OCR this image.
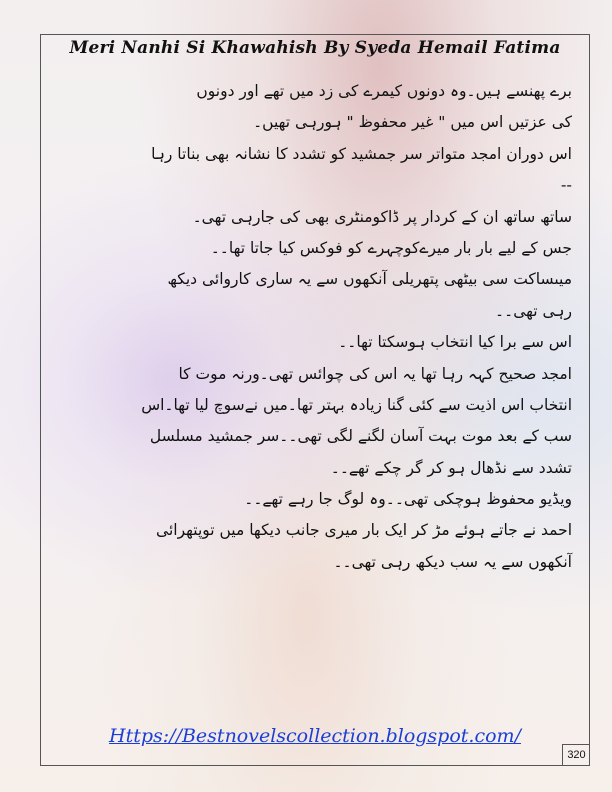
Meri Nanhi Si Khawahish By Syeda Hemail Fatima
برے پھنسے ہیں۔وہ دونوں کیمرے کی زد میں تھے اور دونوں
کی عزتیں اس میں " غیر محفوظ " ہورہی تھیں۔
اس دوران امجد متواتر سر جمشید کو تشدد کا نشانہ بھی بناتا رہا
--
ساتھ ساتھ ان کے کردار پر ڈاکومنٹری بھی کی جارہی تھی۔
جس کے لیے بار بار میرےکوچہرے کو فوکس کیا جاتا تھا۔۔
میںساکت سی بیٹھی پتھریلی آنکھوں سے یہ ساری کاروائی دیکھ
رہی تھی۔۔
اس سے برا کیا انتخاب ہوسکتا تھا۔۔
امجد صحیح کہہ رہا تھا یہ اس کی چوائس تھی۔ورنہ موت کا
انتخاب اس اذیت سے کئی گنا زیادہ بہتر تھا۔میں نےسوچ لیا تھا۔اس
سب کے بعد موت بہت آسان لگنے لگی تھی۔۔سر جمشید مسلسل
تشدد سے نڈھال ہو کر گر چکے تھے۔۔
ویڈیو محفوظ ہوچکی تھی۔۔وہ لوگ جا رہے تھے۔۔
احمد نے جاتے ہوئے مڑ کر ایک بار میری جانب دیکھا میں توپتھرائی
آنکھوں سے یہ سب دیکھ رہی تھی۔۔
Https://Bestnovelscollection.blogspot.com/
320
